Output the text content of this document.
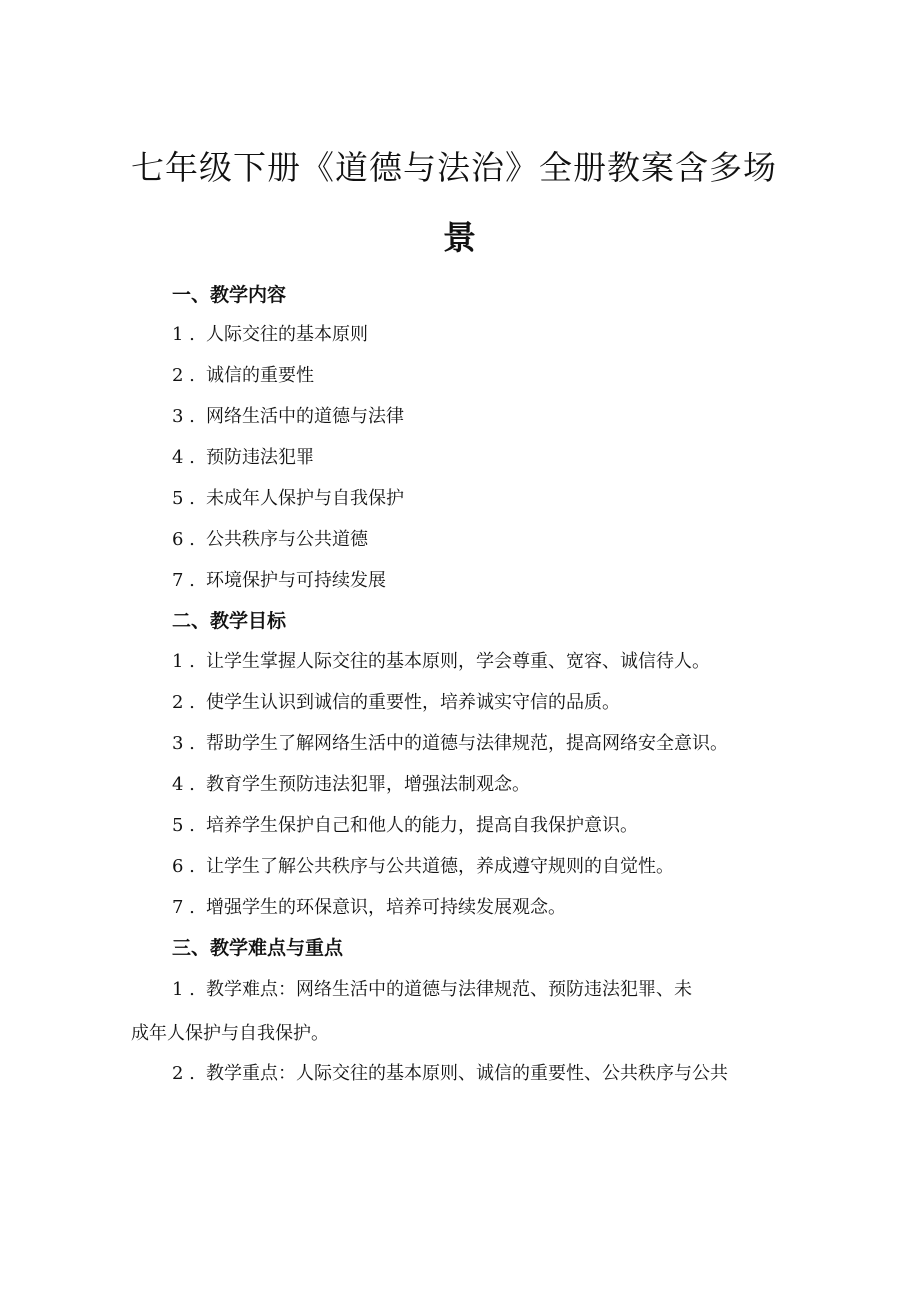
七年级下册《道德与法治》全册教案含多场
景
一、教学内容
1 . 人际交往的基本原则
2 . 诚信的重要性
3 . 网络生活中的道德与法律
4 . 预防违法犯罪
5 . 未成年人保护与自我保护
6 . 公共秩序与公共道德
7 . 环境保护与可持续发展
二、教学目标
1 . 让学生掌握人际交往的基本原则，学会尊重、宽容、诚信待人。
2 . 使学生认识到诚信的重要性，培养诚实守信的品质。
3 . 帮助学生了解网络生活中的道德与法律规范，提高网络安全意识。
4 . 教育学生预防违法犯罪，增强法制观念。
5 . 培养学生保护自己和他人的能力，提高自我保护意识。
6 . 让学生了解公共秩序与公共道德，养成遵守规则的自觉性。
7 . 增强学生的环保意识，培养可持续发展观念。
三、教学难点与重点
1 . 教学难点：网络生活中的道德与法律规范、预防违法犯罪、未
成年人保护与自我保护。
2 . 教学重点：人际交往的基本原则、诚信的重要性、公共秩序与公共
